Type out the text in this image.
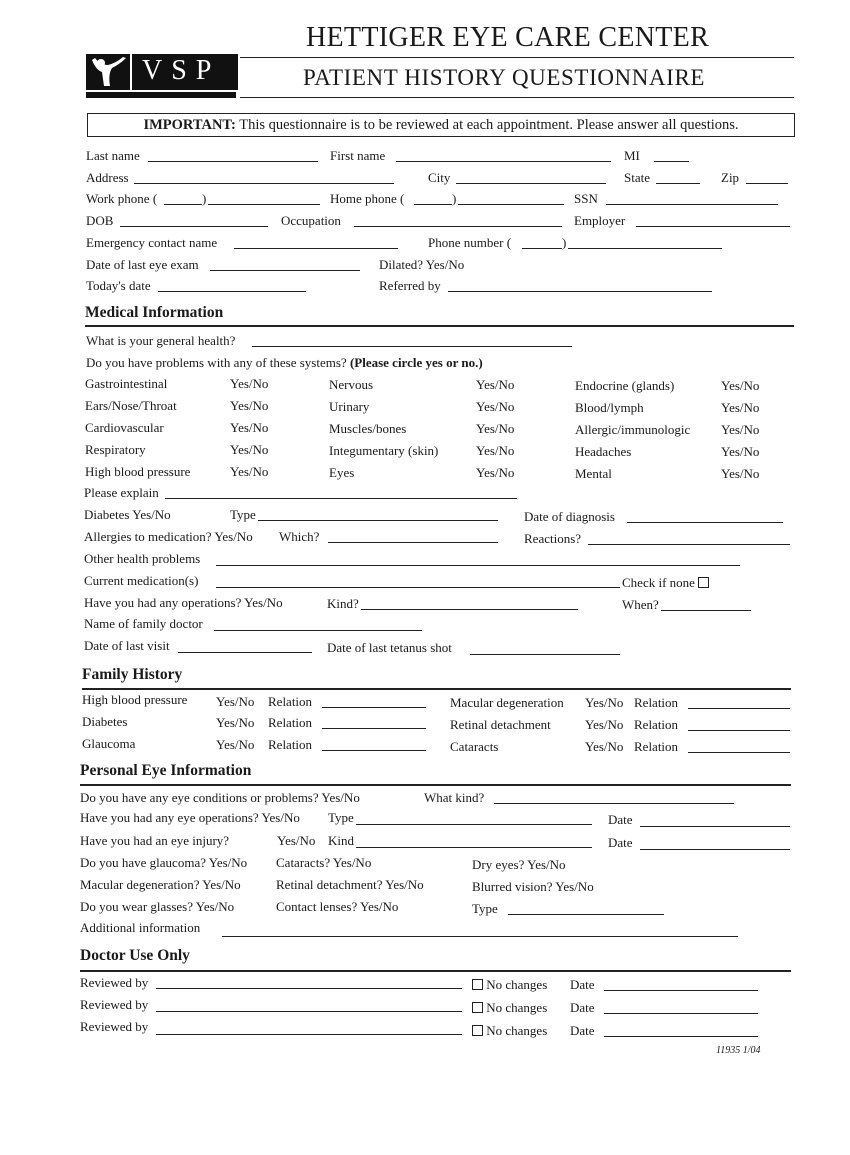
HETTIGER EYE CARE CENTER
VSP	PATIENT HISTORY QUESTIONNAIRE
IMPORTANT: This questionnaire is to be reviewed at each appointment. Please answer all questions.
Last name	First name	MI
Address	City	State	Zip
Work phone (	)	Home phone (	)	SSN
DOB	Occupation	Employer
Emergency contact name	Phone number (	)
Date of last eye exam	Dilated? Yes/No
Today's date	Referred by
Medical Information
What is your general health?
Do you have problems with any of these systems? (Please circle yes or no.)
Gastrointestinal	Yes/No	Nervous	Yes/No	Endocrine (glands)	Yes/No
Ears/Nose/Throat	Yes/No	Urinary	Yes/No	Blood/lymph	Yes/No
Cardiovascular	Yes/No	Muscles/bones	Yes/No	Allergic/immunologic Yes/No
Respiratory	Yes/No	Integumentary (skin)	Yes/No	Headaches	Yes/No
High blood pressure	Yes/No	Eyes	Yes/No	Mental	Yes/No
Please explain
Diabetes Yes/No	Type	Date of diagnosis
Allergies to medication? Yes/No Which?	Reactions?
Other health problems
Current medication(s)	Check if none
Have you had any operations? Yes/No	Kind?	When?
Name of family doctor
Date of last visit	Date of last tetanus shot
Family History
High blood pressure Yes/No Relation	Macular degeneration Yes/No Relation
Diabetes	Yes/No Relation	Retinal detachment	Yes/No Relation
Glaucoma	Yes/No Relation	Cataracts	Yes/No Relation
Personal Eye Information
Do you have any eye conditions or problems? Yes/No	What kind?
Have you had any eye operations? Yes/No Type	Date
Have you had an eye injury?	Yes/No Kind	Date
Do you have glaucoma? Yes/No Cataracts? Yes/No	Dry eyes? Yes/No
Macular degeneration? Yes/No	Retinal detachment? Yes/No	Blurred vision? Yes/No
Do you wear glasses? Yes/No	Contact lenses? Yes/No	Type
Additional information
Doctor Use Only
Reviewed by	No changes Date
Reviewed by	No changes Date
Reviewed by	No changes Date
11935 1/04
